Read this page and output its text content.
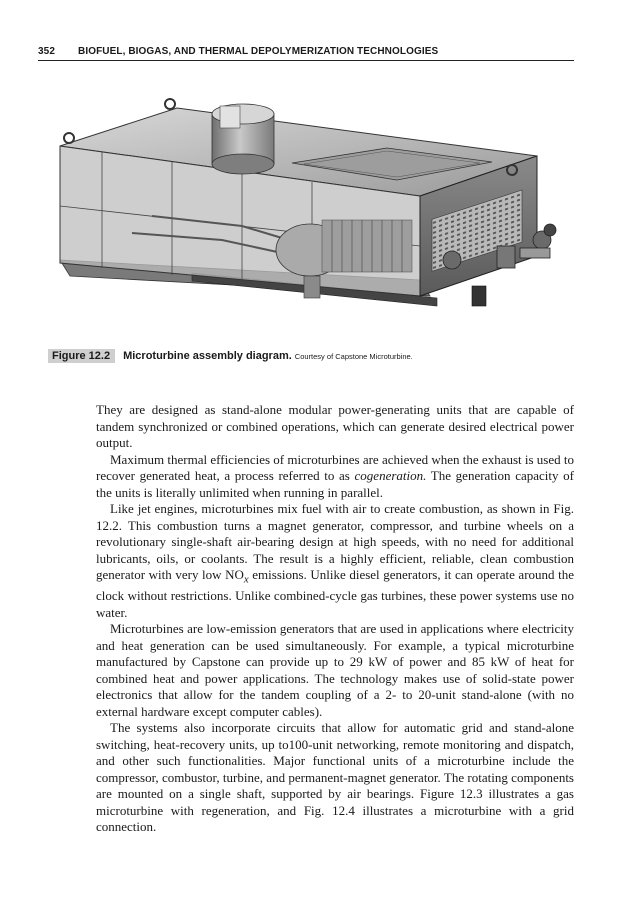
352 BIOFUEL, BIOGAS, AND THERMAL DEPOLYMERIZATION TECHNOLOGIES
Figure 12.2 Microturbine assembly diagram. Courtesy of Capstone Microturbine.

They are designed as stand-alone modular power-generating units that are capable of tandem synchronized or combined operations, which can generate desired electrical power output.

Maximum thermal efficiencies of microturbines are achieved when the exhaust is used to recover generated heat, a process referred to as cogeneration. The generation capacity of the units is literally unlimited when running in parallel.

Like jet engines, microturbines mix fuel with air to create combustion, as shown in Fig. 12.2. This combustion turns a magnet generator, compressor, and turbine wheels on a revolutionary single-shaft air-bearing design at high speeds, with no need for additional lubricants, oils, or coolants. The result is a highly efficient, reliable, clean combustion generator with very low $NO_x$ emissions. Unlike diesel generators, it can operate around the clock without restrictions. Unlike combined-cycle gas turbines, these power systems use no water.

Microturbines are low-emission generators that are used in applications where electricity and heat generation can be used simultaneously. For example, a typical microturbine manufactured by Capstone can provide up to 29 kW of power and 85 kW of heat for combined heat and power applications. The technology makes use of solid-state power electronics that allow for the tandem coupling of a 2- to 20-unit stand-alone (with no external hardware except computer cables).

The systems also incorporate circuits that allow for automatic grid and stand-alone switching, heat-recovery units, up to100-unit networking, remote monitoring and dispatch, and other such functionalities. Major functional units of a microturbine include the compressor, combustor, turbine, and permanent-magnet generator. The rotating components are mounted on a single shaft, supported by air bearings. Figure 12.3 illustrates a gas microturbine with regeneration, and Fig. 12.4 illustrates a microturbine with a grid connection.
